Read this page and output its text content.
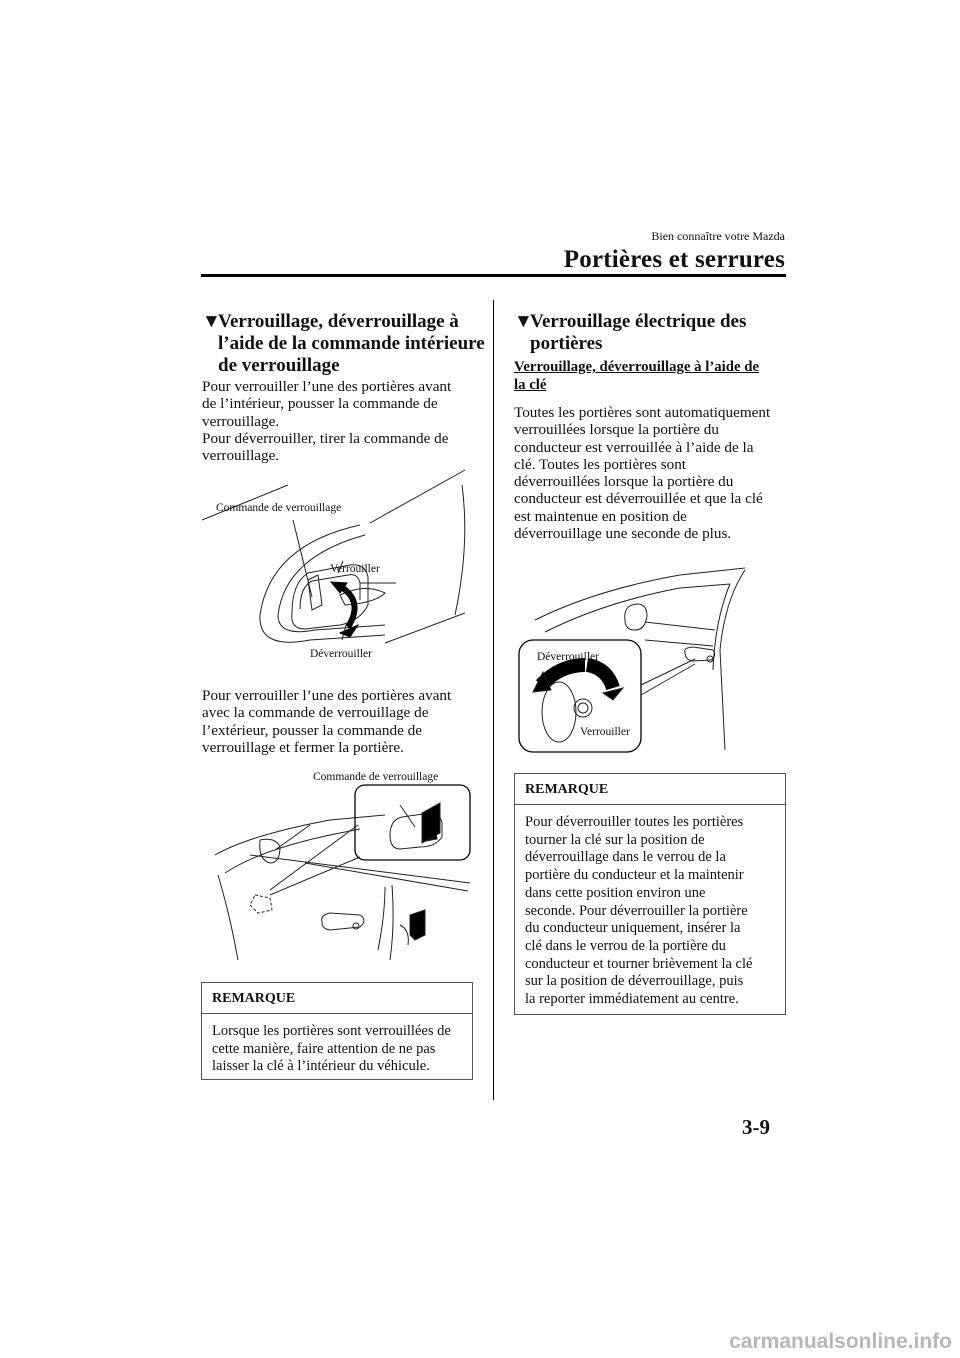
Bien connaître votre Mazda
Portières et serrures
▼
Verrouillage, déverrouillage à
l’aide de la commande intérieure
de verrouillage

Pour verrouiller l’une des portières avant

de l’intérieur, pousser la commande de

verrouillage.

Pour déverrouiller, tirer la commande de

verrouillage.

Commande de verrouillage
Verrouiller
Déverrouiller

Pour verrouiller l’une des portières avant

avec la commande de verrouillage de

l’extérieur, pousser la commande de

verrouillage et fermer la portière.

Commande de verrouillage
REMARQUE
Lorsque les portières sont verrouillées de
cette manière, faire attention de ne pas
laisser la clé à l’intérieur du véhicule.
▼
Verrouillage électrique des
portières
Verrouillage, déverrouillage à l’aide de
la clé

Toutes les portières sont automatiquement

verrouillées lorsque la portière du

conducteur est verrouillée à l’aide de la

clé. Toutes les portières sont

déverrouillées lorsque la portière du

conducteur est déverrouillée et que la clé

est maintenue en position de

déverrouillage une seconde de plus.

Déverrouiller
Verrouiller
REMARQUE
Pour déverrouiller toutes les portières
tourner la clé sur la position de
déverrouillage dans le verrou de la
portière du conducteur et la maintenir
dans cette position environ une
seconde. Pour déverrouiller la portière
du conducteur uniquement, insérer la
clé dans le verrou de la portière du
conducteur et tourner brièvement la clé
sur la position de déverrouillage, puis
la reporter immédiatement au centre.
3-9
carmanualsonline.info
